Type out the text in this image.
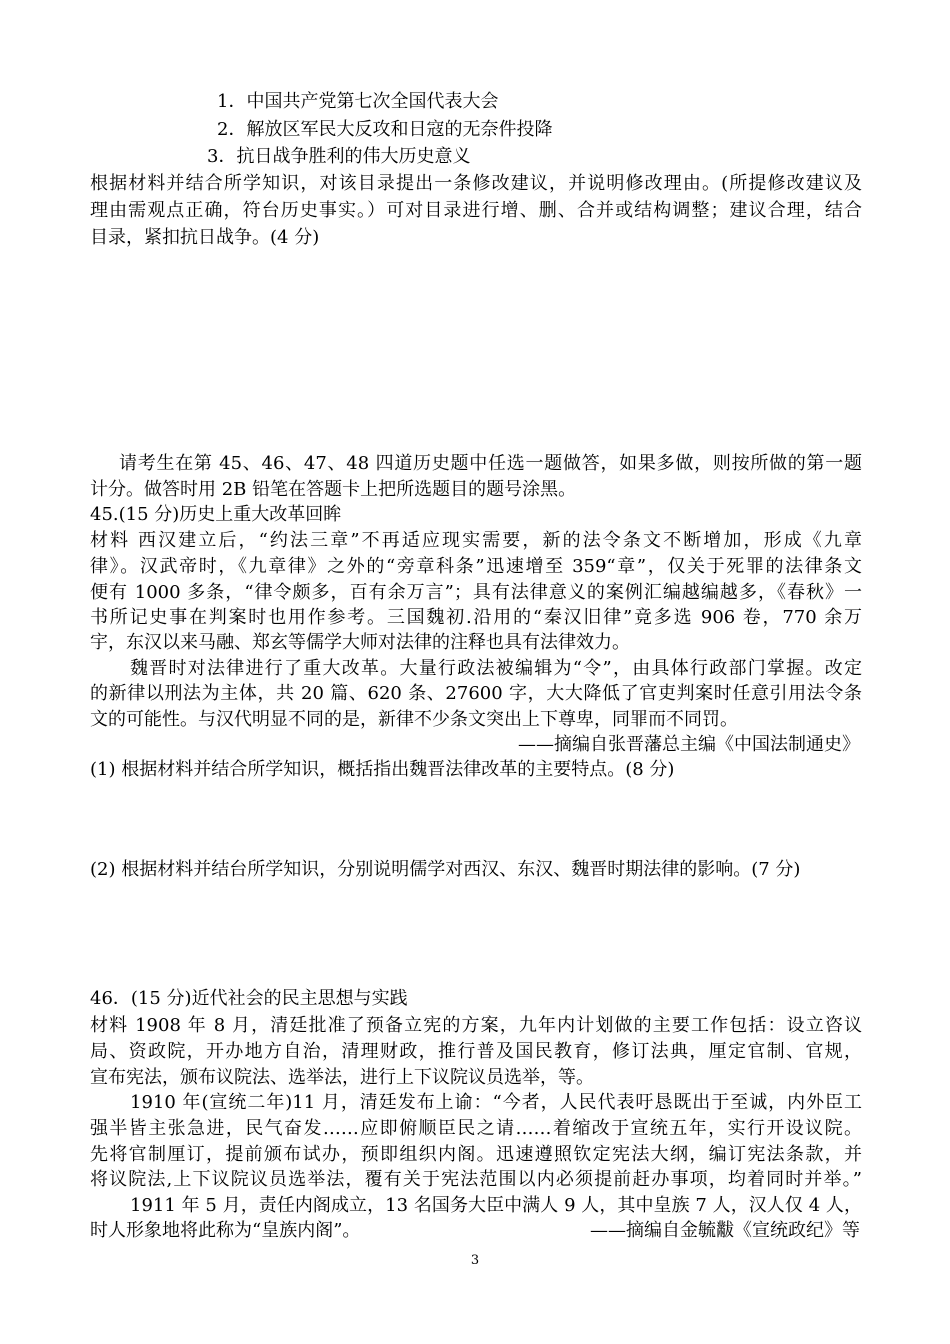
1．中国共产党第七次全国代表大会
2．解放区军民大反攻和日寇的无奈件投降
3．抗日战争胜利的伟大历史意义
根据材料并结合所学知识，对该目录提出一条修改建议，并说明修改理由。(所提修改建议及
理由需观点正确，符台历史事实。）可对目录进行增、删、合并或结构调整；建议合理，结合
目录，紧扣抗日战争。(4 分)
请考生在第 45、46、47、48 四道历史题中任选一题做答，如果多做，则按所做的第一题
计分。做答时用 2B 铅笔在答题卡上把所选题目的题号涂黑。
45.(15 分)历史上重大改革回眸
材料 西汉建立后，“约法三章”不再适应现实需要，新的法令条文不断增加，形成《九章
律》。汉武帝时，《九章律》之外的“旁章科条”迅速增至 359“章”，仅关于死罪的法律条文
便有 1000 多条，“律令颇多，百有余万言”；具有法律意义的案例汇编越编越多，《春秋》一
书所记史事在判案时也用作参考。三国魏初.沿用的“秦汉旧律”竟多选 906 卷，770 余万
宇，东汉以来马融、郑玄等儒学大师对法律的注释也具有法律效力。
魏晋时对法律进行了重大改革。大量行政法被编辑为“令”，由具体行政部门掌握。改定
的新律以刑法为主体，共 20 篇、620 条、27600 字，大大降低了官吏判案时任意引用法令条
文的可能性。与汉代明显不同的是，新律不少条文突出上下尊卑，同罪而不同罚。
——摘编自张晋藩总主编《中国法制通史》
(1) 根据材料并结合所学知识，概括指出魏晋法律改革的主要特点。(8 分)
(2) 根据材料并结台所学知识，分别说明儒学对西汉、东汉、魏晋时期法律的影响。(7 分)
46．(15 分)近代社会的民主思想与实践
材料 1908 年 8 月，清廷批准了预备立宪的方案，九年内计划做的主要工作包括：设立咨议
局、资政院，开办地方自治，清理财政，推行普及国民教育，修订法典，厘定官制、官规，
宣布宪法，颁布议院法、选举法，进行上下议院议员选举，等。
1910 年(宣统二年)11 月，清廷发布上谕：“今者，人民代表吁恳既出于至诚，内外臣工
强半皆主张急进，民气奋发……应即俯顺臣民之请……着缩改于宣统五年，实行开设议院。
先将官制厘订，提前颁布试办，预即组织内阁。迅速遵照钦定宪法大纲，编订宪法条款，并
将议院法,上下议院议员选举法，覆有关于宪法范围以内必须提前赶办事项，均着同时并举。”
1911 年 5 月，责任内阁成立，13 名国务大臣中满人 9 人，其中皇族 7 人，汉人仅 4 人，
时人形象地将此称为“皇族内阁”。	——摘编自金毓黻《宣统政纪》等
3
